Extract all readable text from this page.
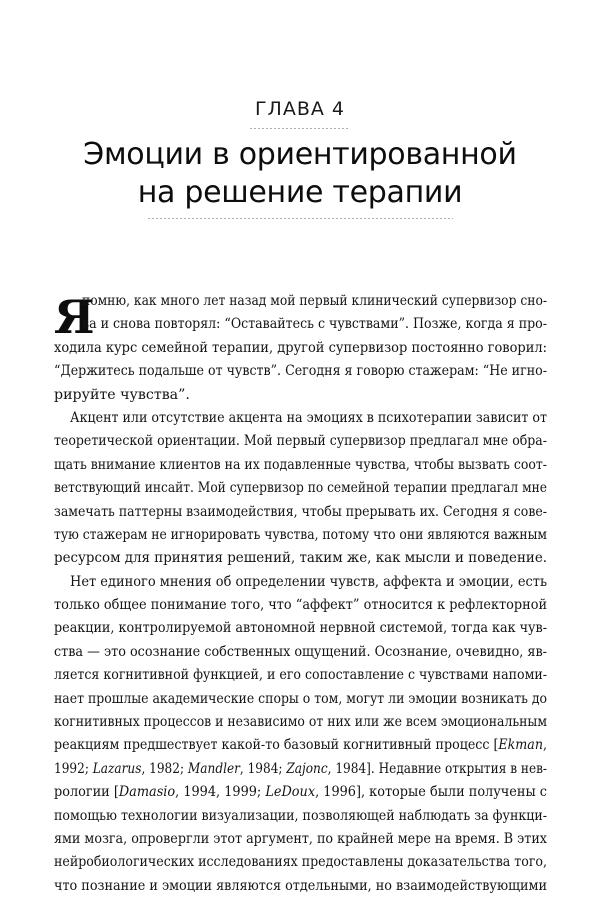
ГЛАВА 4
Эмоции в ориентированной
на решение терапии
Я
помню, как много лет назад мой первый клинический супервизор сно-
ва и снова повторял: “Оставайтесь с чувствами”. Позже, когда я про-
ходила курс семейной терапии, другой супервизор постоянно говорил:
“Держитесь подальше от чувств”. Сегодня я говорю стажерам: “Не игно-
рируйте чувства”.
Акцент или отсутствие акцента на эмоциях в психотерапии зависит от
теоретической ориентации. Мой первый супервизор предлагал мне обра-
щать внимание клиентов на их подавленные чувства, чтобы вызвать соот-
ветствующий инсайт. Мой супервизор по семейной терапии предлагал мне
замечать паттерны взаимодействия, чтобы прерывать их. Сегодня я сове-
тую стажерам не игнорировать чувства, потому что они являются важным
ресурсом для принятия решений, таким же, как мысли и поведение.
Нет единого мнения об определении чувств, аффекта и эмоции, есть
только общее понимание того, что “аффект” относится к рефлекторной
реакции, контролируемой автономной нервной системой, тогда как чув-
ства — это осознание собственных ощущений. Осознание, очевидно, яв-
ляется когнитивной функцией, и его сопоставление с чувствами напоми-
нает прошлые академические споры о том, могут ли эмоции возникать до
когнитивных процессов и независимо от них или же всем эмоциональным
реакциям предшествует какой-то базовый когнитивный процесс [Ekman,
1992; Lazarus, 1982; Mandler, 1984; Zajonc, 1984]. Недавние открытия в нев-
рологии [Damasio, 1994, 1999; LeDoux, 1996], которые были получены с
помощью технологии визуализации, позволяющей наблюдать за функци-
ями мозга, опровергли этот аргумент, по крайней мере на время. В этих
нейробиологических исследованиях предоставлены доказательства того,
что познание и эмоции являются отдельными, но взаимодействующими
